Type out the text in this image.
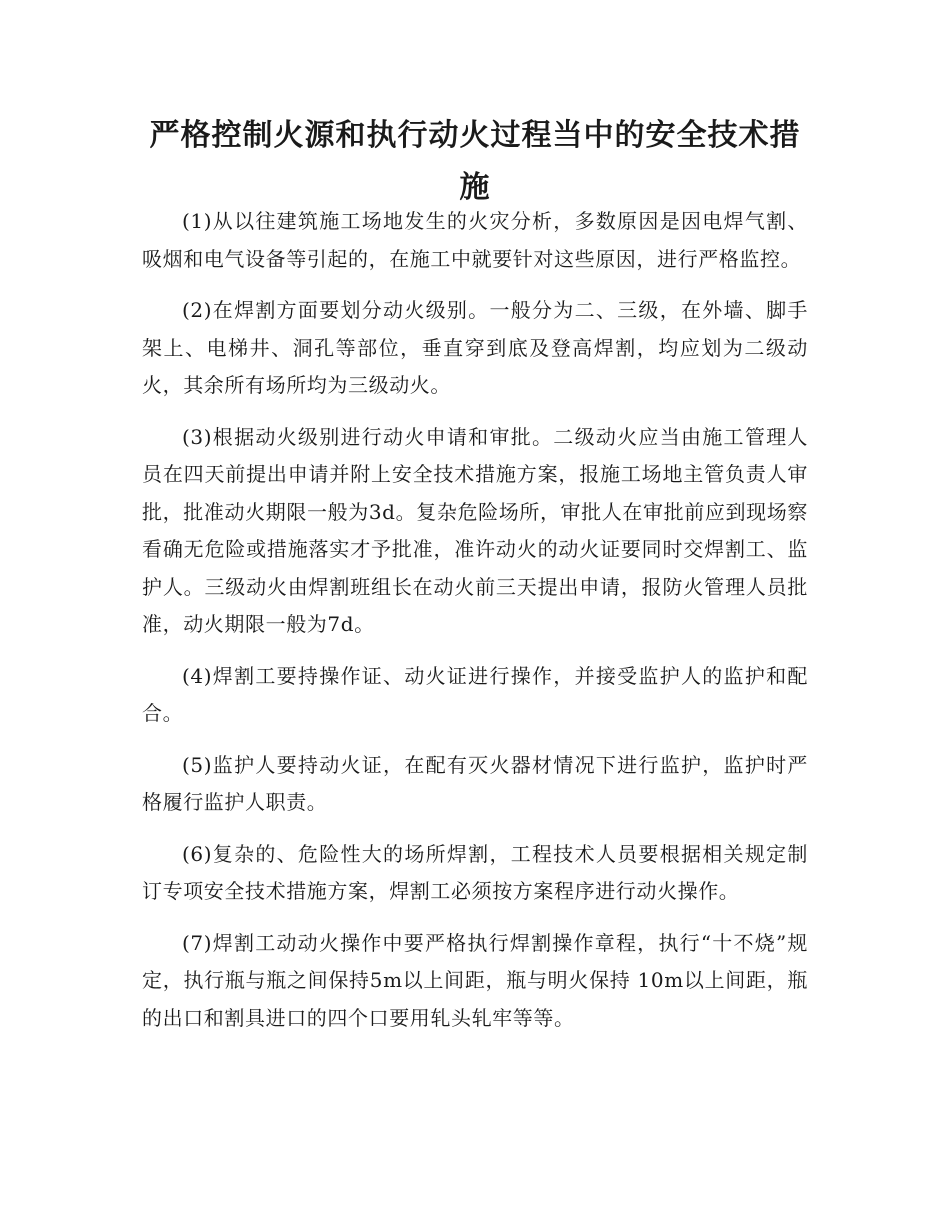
严格控制火源和执行动火过程当中的安全技术措施

(1)从以往建筑施工场地发生的火灾分析，多数原因是因电焊气割、吸烟和电气设备等引起的，在施工中就要针对这些原因，进行严格监控。

(2)在焊割方面要划分动火级别。一般分为二、三级，在外墙、脚手架上、电梯井、洞孔等部位，垂直穿到底及登高焊割，均应划为二级动火，其余所有场所均为三级动火。

(3)根据动火级别进行动火申请和审批。二级动火应当由施工管理人员在四天前提出申请并附上安全技术措施方案，报施工场地主管负责人审批，批准动火期限一般为3d。复杂危险场所，审批人在审批前应到现场察看确无危险或措施落实才予批准，准许动火的动火证要同时交焊割工、监护人。三级动火由焊割班组长在动火前三天提出申请，报防火管理人员批准，动火期限一般为7d。

(4)焊割工要持操作证、动火证进行操作，并接受监护人的监护和配合。

(5)监护人要持动火证，在配有灭火器材情况下进行监护，监护时严格履行监护人职责。

(6)复杂的、危险性大的场所焊割，工程技术人员要根据相关规定制订专项安全技术措施方案，焊割工必须按方案程序进行动火操作。

(7)焊割工动动火操作中要严格执行焊割操作章程，执行“十不烧”规定，执行瓶与瓶之间保持5m以上间距，瓶与明火保持 10m以上间距，瓶的出口和割具进口的四个口要用轧头轧牢等等。
